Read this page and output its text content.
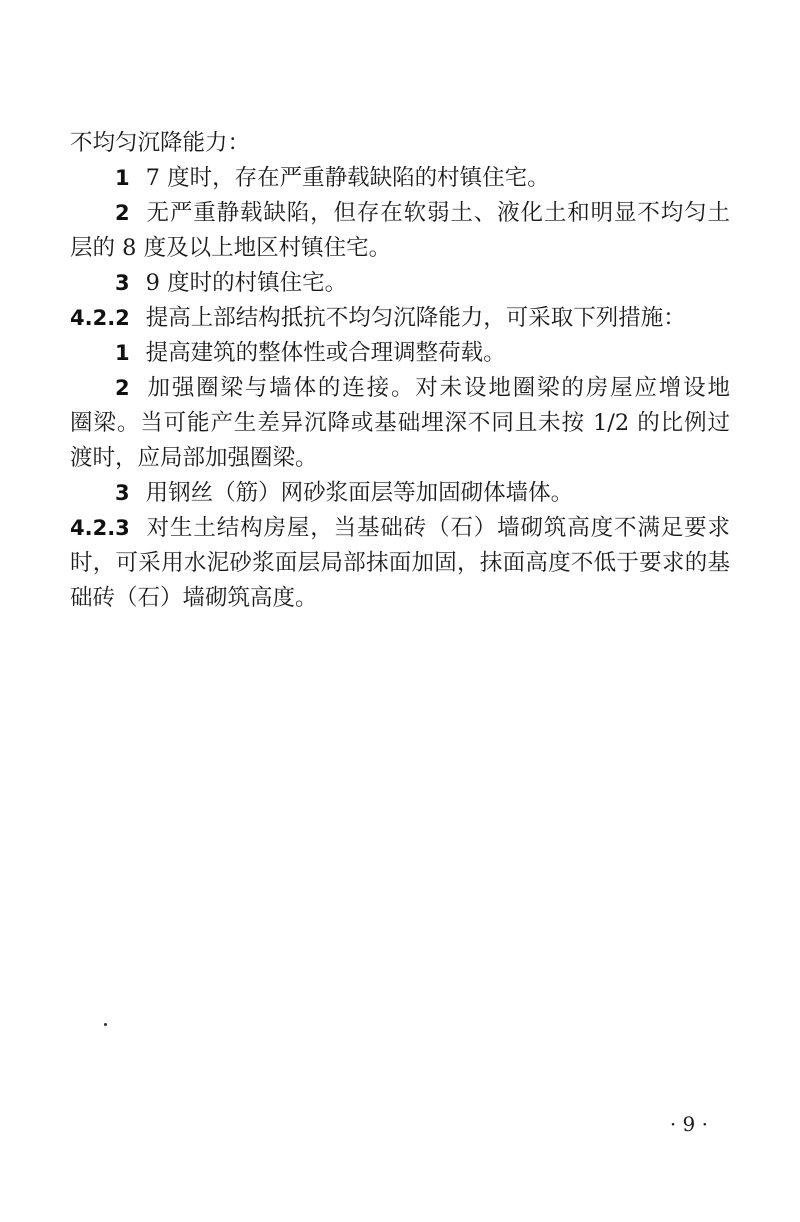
不均匀沉降能力：
1 7 度时，存在严重静载缺陷的村镇住宅。
2 无严重静载缺陷，但存在软弱土、液化土和明显不均匀土
层的 8 度及以上地区村镇住宅。
3 9 度时的村镇住宅。
4.2.2 提高上部结构抵抗不均匀沉降能力，可采取下列措施：
1 提高建筑的整体性或合理调整荷载。
2 加强圈梁与墙体的连接。对未设地圈梁的房屋应增设地
圈梁。当可能产生差异沉降或基础埋深不同且未按 1/2 的比例过
渡时，应局部加强圈梁。
3 用钢丝（筋）网砂浆面层等加固砌体墙体。
4.2.3 对生土结构房屋，当基础砖（石）墙砌筑高度不满足要求
时，可采用水泥砂浆面层局部抹面加固，抹面高度不低于要求的基
础砖（石）墙砌筑高度。
· 9 ·
